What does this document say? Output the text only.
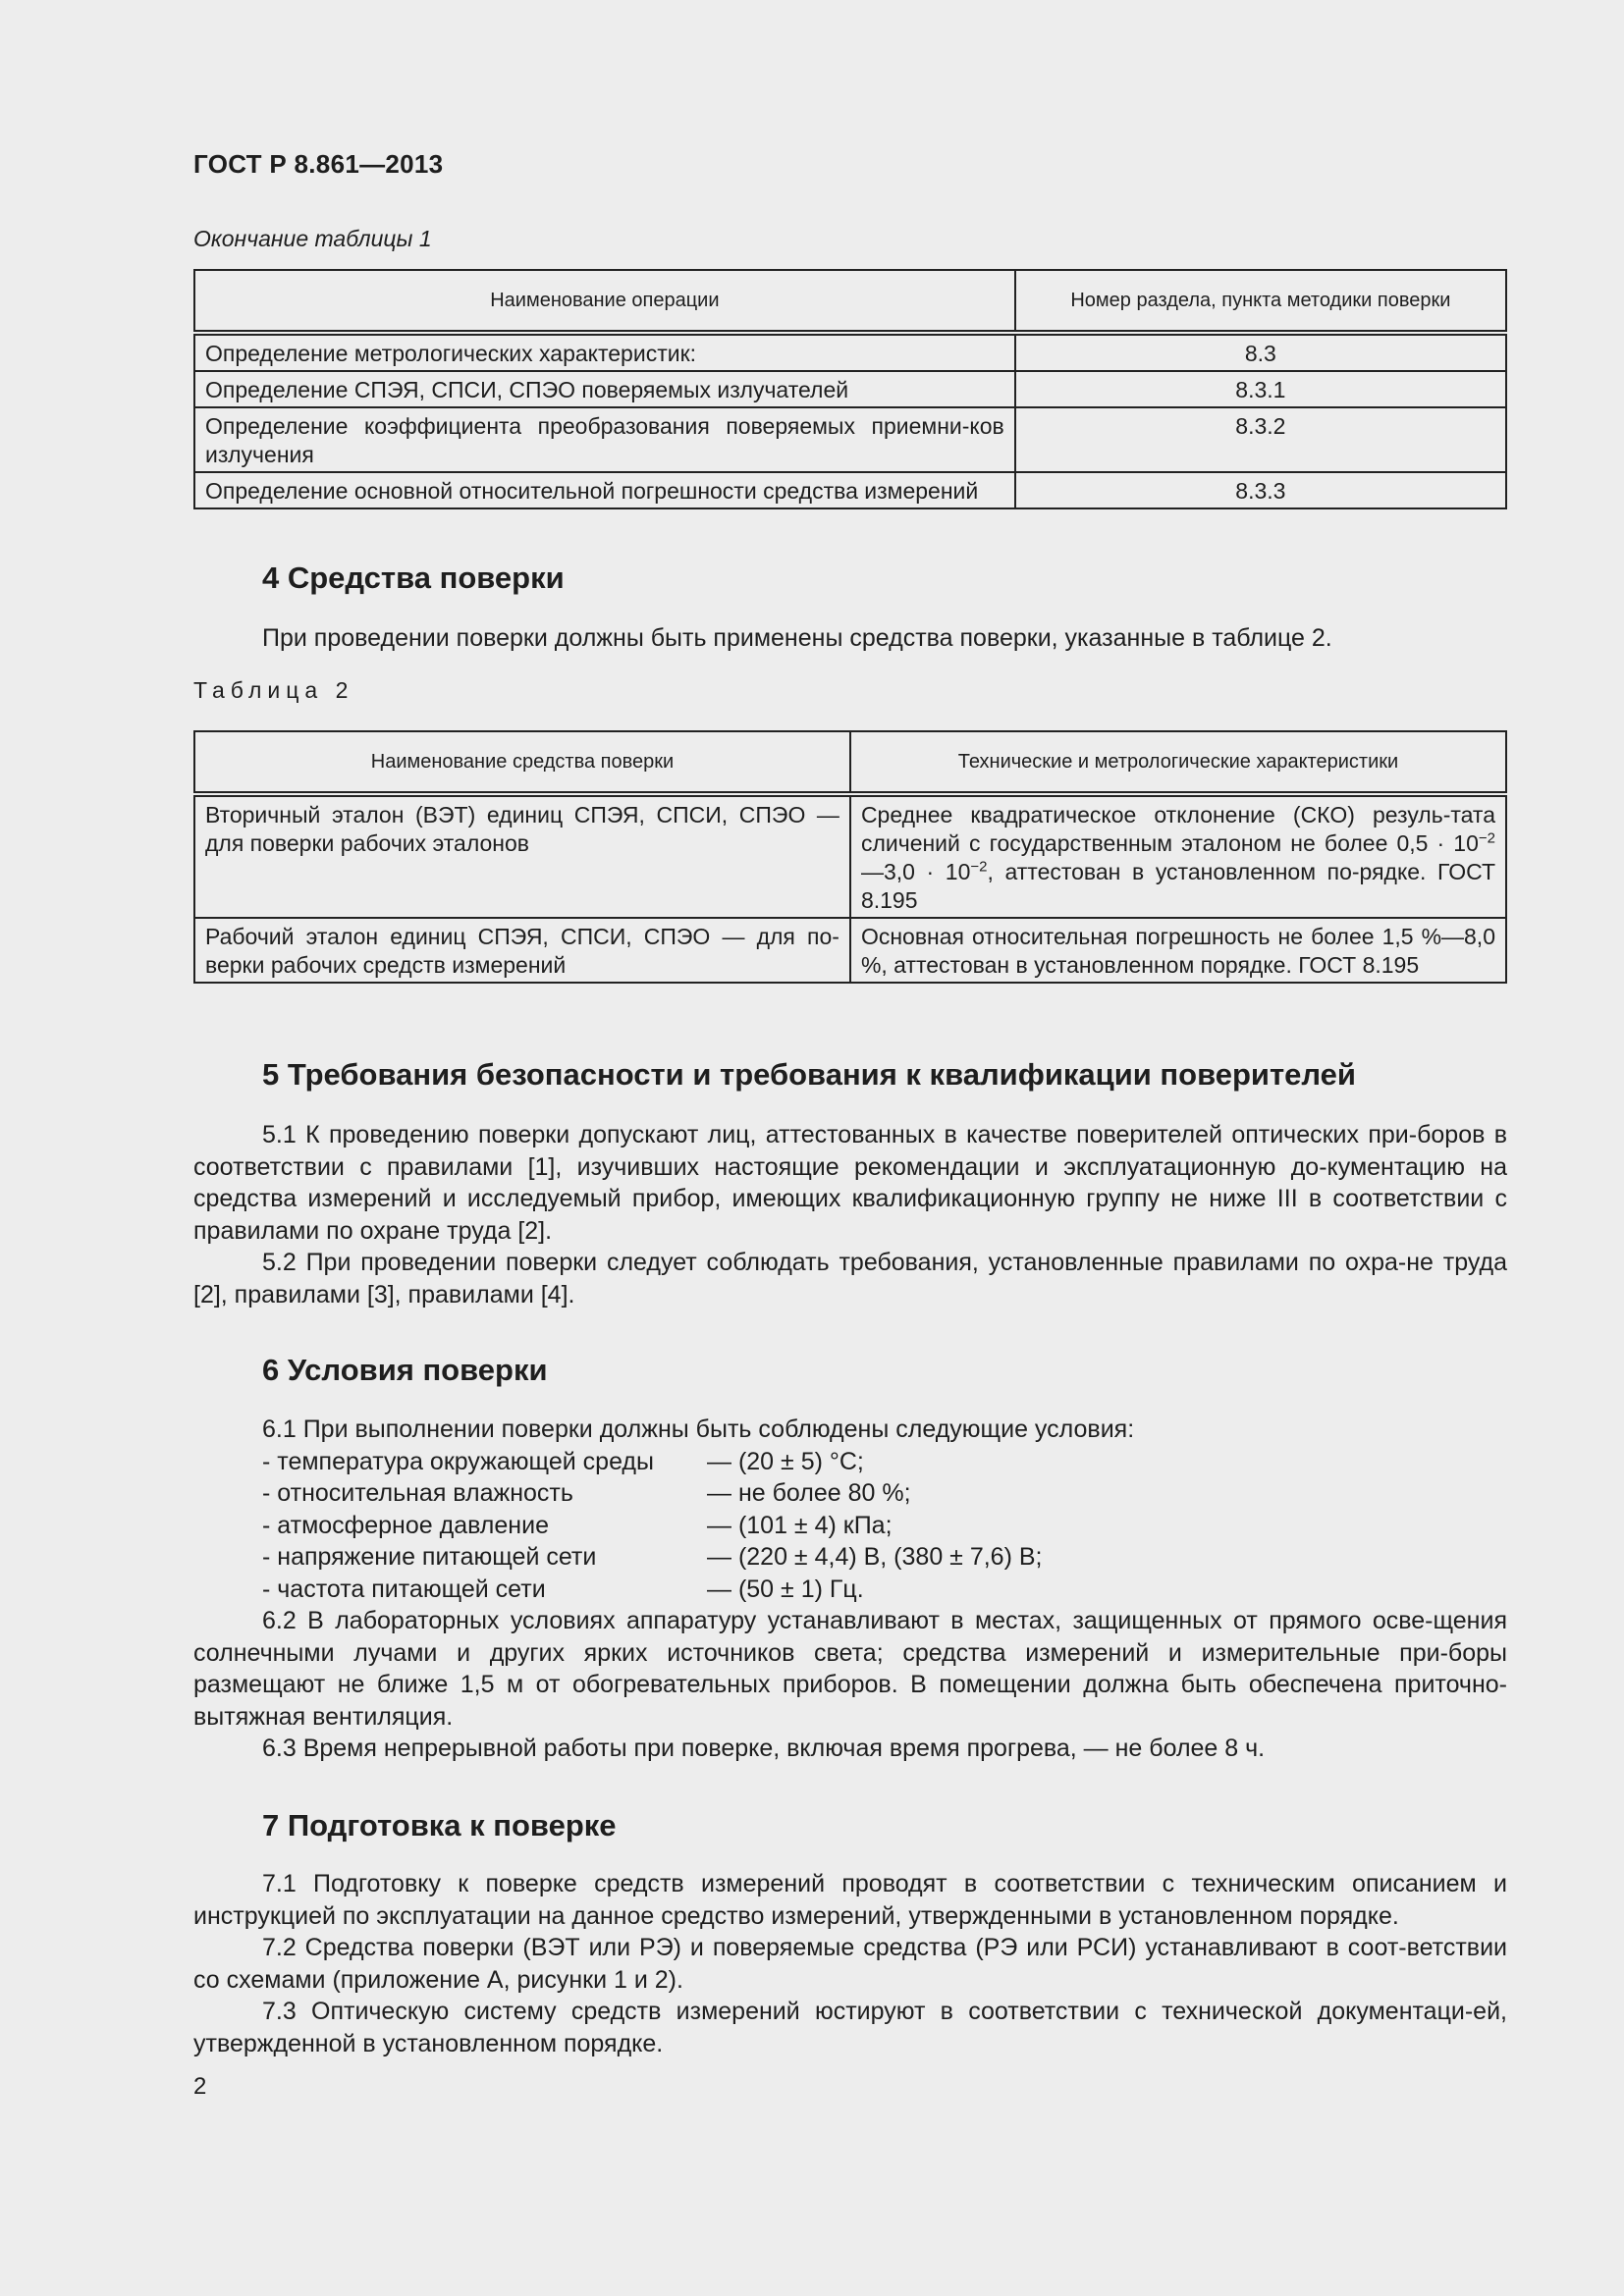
ГОСТ Р 8.861—2013
Окончание таблицы 1
Наименование операции	Номер раздела, пункта методики поверки
Определение метрологических характеристик:	8.3
Определение СПЭЯ, СПСИ, СПЭО поверяемых излучателей	8.3.1
Определение коэффициента преобразования поверяемых приемни-ков излучения	8.3.2
Определение основной относительной погрешности средства измерений	8.3.3
4 Средства поверки
При проведении поверки должны быть применены средства поверки, указанные в таблице 2.
Таблица 2
Наименование средства поверки	Технические и метрологические характеристики
Вторичный эталон (ВЭТ) единиц СПЭЯ, СПСИ, СПЭО — для поверки рабочих эталонов	Среднее квадратическое отклонение (СКО) резуль-тата сличений с государственным эталоном не более $0,5 \cdot 10^{-2}—3,0 \cdot 10^{-2}$, аттестован в установленном по-рядке. ГОСТ 8.195
Рабочий эталон единиц СПЭЯ, СПСИ, СПЭО — для по-верки рабочих средств измерений	Основная относительная погрешность не более 1,5 %—8,0 %, аттестован в установленном порядке. ГОСТ 8.195
5 Требования безопасности и требования к квалификации поверителей

5.1 К проведению поверки допускают лиц, аттестованных в качестве поверителей оптических при-боров в соответствии с правилами [1], изучивших настоящие рекомендации и эксплуатационную до-кументацию на средства измерений и исследуемый прибор, имеющих квалификационную группу не ниже III в соответствии с правилами по охране труда [2].

5.2 При проведении поверки следует соблюдать требования, установленные правилами по охра-не труда [2], правилами [3], правилами [4].

6 Условия поверки
6.1 При выполнении поверки должны быть соблюдены следующие условия:
- температура окружающей среды	— (20 ± 5) °С;
- относительная влажность	— не более 80 %;
- атмосферное давление	— (101 ± 4) кПа;
- напряжение питающей сети	— (220 ± 4,4) В, (380 ± 7,6) В;
- частота питающей сети	— (50 ± 1) Гц.

6.2 В лабораторных условиях аппаратуру устанавливают в местах, защищенных от прямого осве-щения солнечными лучами и других ярких источников света; средства измерений и измерительные при-боры размещают не ближе 1,5 м от обогревательных приборов. В помещении должна быть обеспечена приточно-вытяжная вентиляция.

6.3 Время непрерывной работы при поверке, включая время прогрева, — не более 8 ч.

7 Подготовка к поверке

7.1 Подготовку к поверке средств измерений проводят в соответствии с техническим описанием и инструкцией по эксплуатации на данное средство измерений, утвержденными в установленном порядке.

7.2 Средства поверки (ВЭТ или РЭ) и поверяемые средства (РЭ или РСИ) устанавливают в соот-ветствии со схемами (приложение А, рисунки 1 и 2).

7.3 Оптическую систему средств измерений юстируют в соответствии с технической документаци-ей, утвержденной в установленном порядке.

2
